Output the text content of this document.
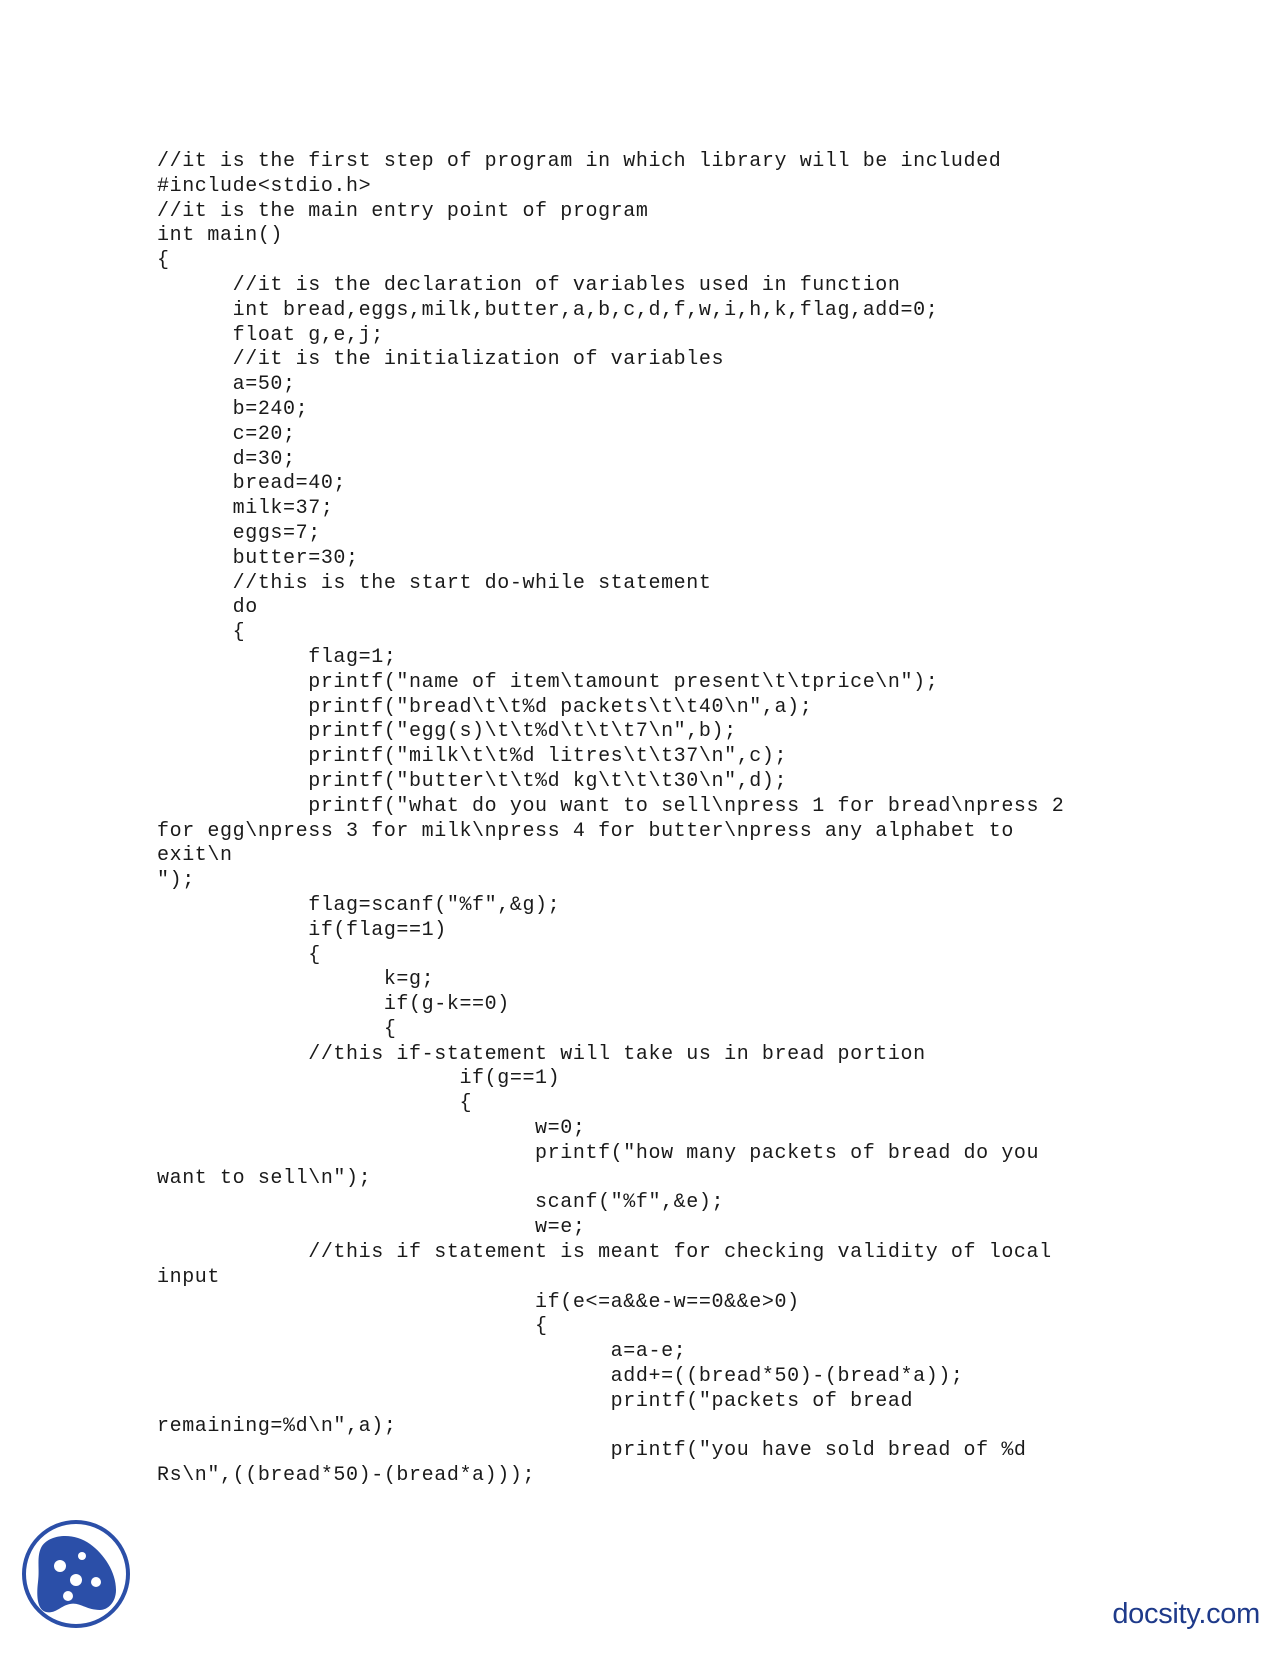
//it is the first step of program in which library will be included
#include<stdio.h>
//it is the main entry point of program
int main()
{
//it is the declaration of variables used in function
int bread,eggs,milk,butter,a,b,c,d,f,w,i,h,k,flag,add=0;
float g,e,j;
//it is the initialization of variables
a=50;
b=240;
c=20;
d=30;
bread=40;
milk=37;
eggs=7;
butter=30;
//this is the start do-while statement
do
{
flag=1;
printf("name of item\tamount present\t\tprice\n");
printf("bread\t\t%d packets\t\t40\n",a);
printf("egg(s)\t\t%d\t\t\t7\n",b);
printf("milk\t\t%d litres\t\t37\n",c);
printf("butter\t\t%d kg\t\t\t30\n",d);
printf("what do you want to sell\npress 1 for bread\npress 2
for egg\npress 3 for milk\npress 4 for butter\npress any alphabet to
exit\n
");
flag=scanf("%f",&g);
if(flag==1)
{
k=g;
if(g-k==0)
{
//this if-statement will take us in bread portion
if(g==1)
{
w=0;
printf("how many packets of bread do you
want to sell\n");
scanf("%f",&e);
w=e;
//this if statement is meant for checking validity of local
input
if(e<=a&&e-w==0&&e>0)
{
a=a-e;
add+=((bread*50)-(bread*a));
printf("packets of bread
remaining=%d\n",a);
printf("you have sold bread of %d
Rs\n",((bread*50)-(bread*a)));
docsity.com
